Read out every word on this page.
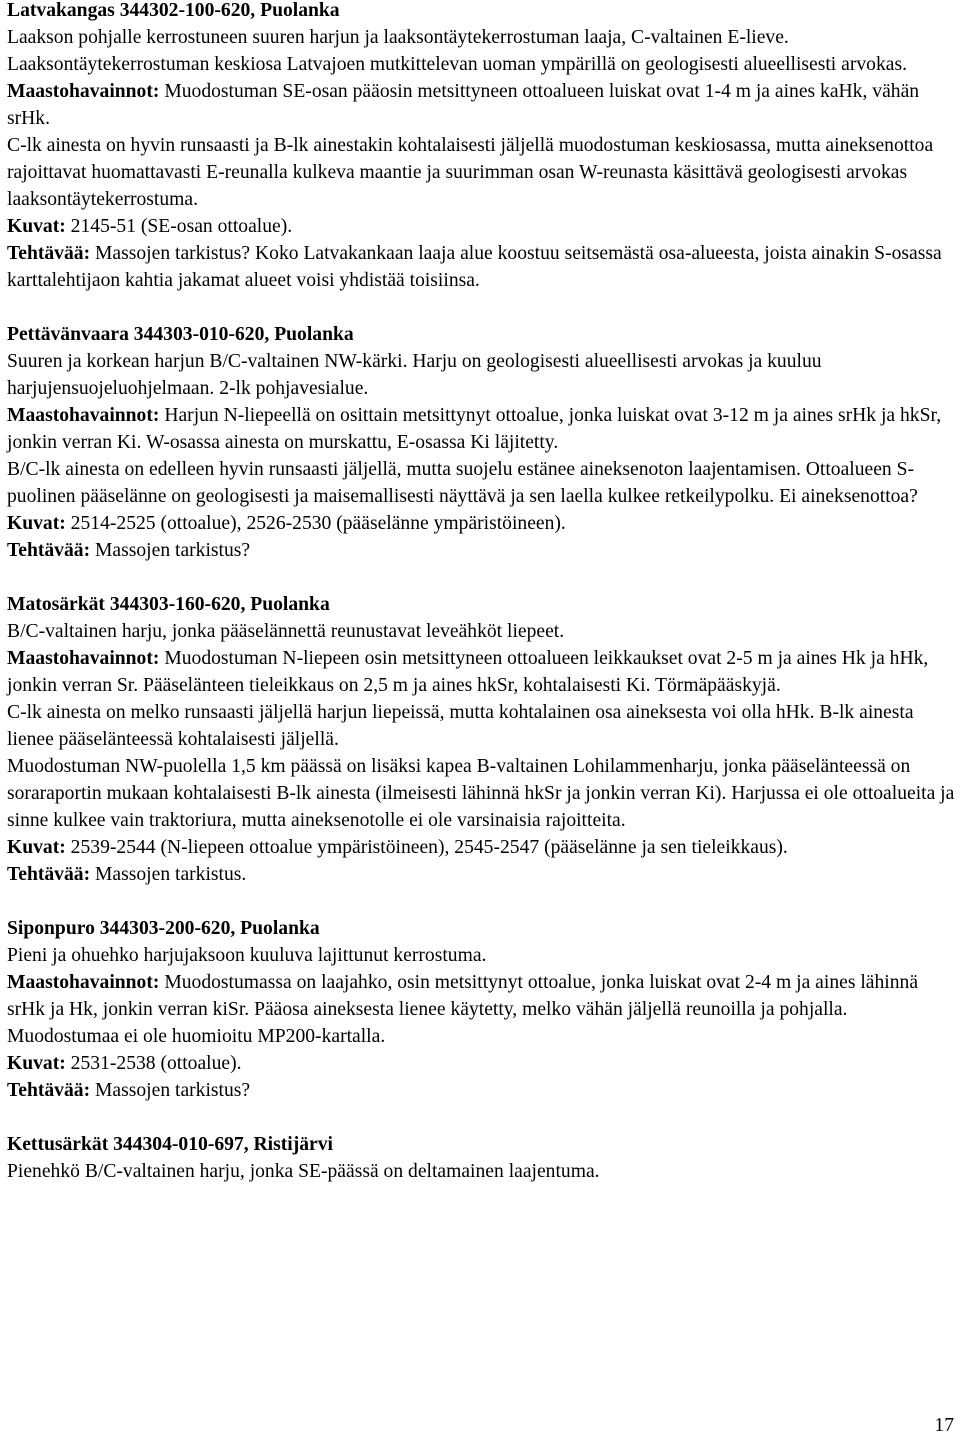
Latvakangas 344302-100-620, Puolanka
Laakson pohjalle kerrostuneen suuren harjun ja laaksontäytekerrostuman laaja, C-valtainen E-lieve. Laaksontäytekerrostuman keskiosa Latvajoen mutkittelevan uoman ympärillä on geologisesti alueellisesti arvokas.
Maastohavainnot: Muodostuman SE-osan pääosin metsittyneen ottoalueen luiskat ovat 1-4 m ja aines kaHk, vähän srHk.
C-lk ainesta on hyvin runsaasti ja B-lk ainestakin kohtalaisesti jäljellä muodostuman keskiosassa, mutta aineksenottoa rajoittavat huomattavasti E-reunalla kulkeva maantie ja suurimman osan W-reunasta käsittävä geologisesti arvokas laaksontäytekerrostuma.
Kuvat: 2145-51 (SE-osan ottoalue).
Tehtävää: Massojen tarkistus? Koko Latvakankaan laaja alue koostuu seitsemästä osa-alueesta, joista ainakin S-osassa karttalehtijaon kahtia jakamat alueet voisi yhdistää toisiinsa.
Pettävänvaara 344303-010-620, Puolanka
Suuren ja korkean harjun B/C-valtainen NW-kärki. Harju on geologisesti alueellisesti arvokas ja kuuluu harjujensuojeluohjelmaan. 2-lk pohjavesialue.
Maastohavainnot: Harjun N-liepeellä on osittain metsittynyt ottoalue, jonka luiskat ovat 3-12 m ja aines srHk ja hkSr, jonkin verran Ki. W-osassa ainesta on murskattu, E-osassa Ki läjitetty.
B/C-lk ainesta on edelleen hyvin runsaasti jäljellä, mutta suojelu estänee aineksenoton laajentamisen. Ottoalueen S-puolinen pääselänne on geologisesti ja maisemallisesti näyttävä ja sen laella kulkee retkeilypolku. Ei aineksenottoa?
Kuvat: 2514-2525 (ottoalue), 2526-2530 (pääselänne ympäristöineen).
Tehtävää: Massojen tarkistus?
Matosärkät 344303-160-620, Puolanka
B/C-valtainen harju, jonka pääselännettä reunustavat leveähköt liepeet.
Maastohavainnot: Muodostuman N-liepeen osin metsittyneen ottoalueen leikkaukset ovat 2-5 m ja aines Hk ja hHk, jonkin verran Sr. Pääselänteen tieleikkaus on 2,5 m ja aines hkSr, kohtalaisesti Ki. Törmäpääskyjä.
C-lk ainesta on melko runsaasti jäljellä harjun liepeissä, mutta kohtalainen osa aineksesta voi olla hHk. B-lk ainesta lienee pääselänteessä kohtalaisesti jäljellä.
Muodostuman NW-puolella 1,5 km päässä on lisäksi kapea B-valtainen Lohilammenharju, jonka pääselänteessä on soraraportin mukaan kohtalaisesti B-lk ainesta (ilmeisesti lähinnä hkSr ja jonkin verran Ki). Harjussa ei ole ottoalueita ja sinne kulkee vain traktoriura, mutta aineksenotolle ei ole varsinaisia rajoitteita.
Kuvat: 2539-2544 (N-liepeen ottoalue ympäristöineen), 2545-2547 (pääselänne ja sen tieleikkaus).
Tehtävää: Massojen tarkistus.
Siponpuro 344303-200-620, Puolanka
Pieni ja ohuehko harjujaksoon kuuluva lajittunut kerrostuma.
Maastohavainnot: Muodostumassa on laajahko, osin metsittynyt ottoalue, jonka luiskat ovat 2-4 m ja aines lähinnä srHk ja Hk, jonkin verran kiSr. Pääosa aineksesta lienee käytetty, melko vähän jäljellä reunoilla ja pohjalla. Muodostumaa ei ole huomioitu MP200-kartalla.
Kuvat: 2531-2538 (ottoalue).
Tehtävää: Massojen tarkistus?
Kettusärkät 344304-010-697, Ristijärvi
Pienehkö B/C-valtainen harju, jonka SE-päässä on deltamainen laajentuma.
17
